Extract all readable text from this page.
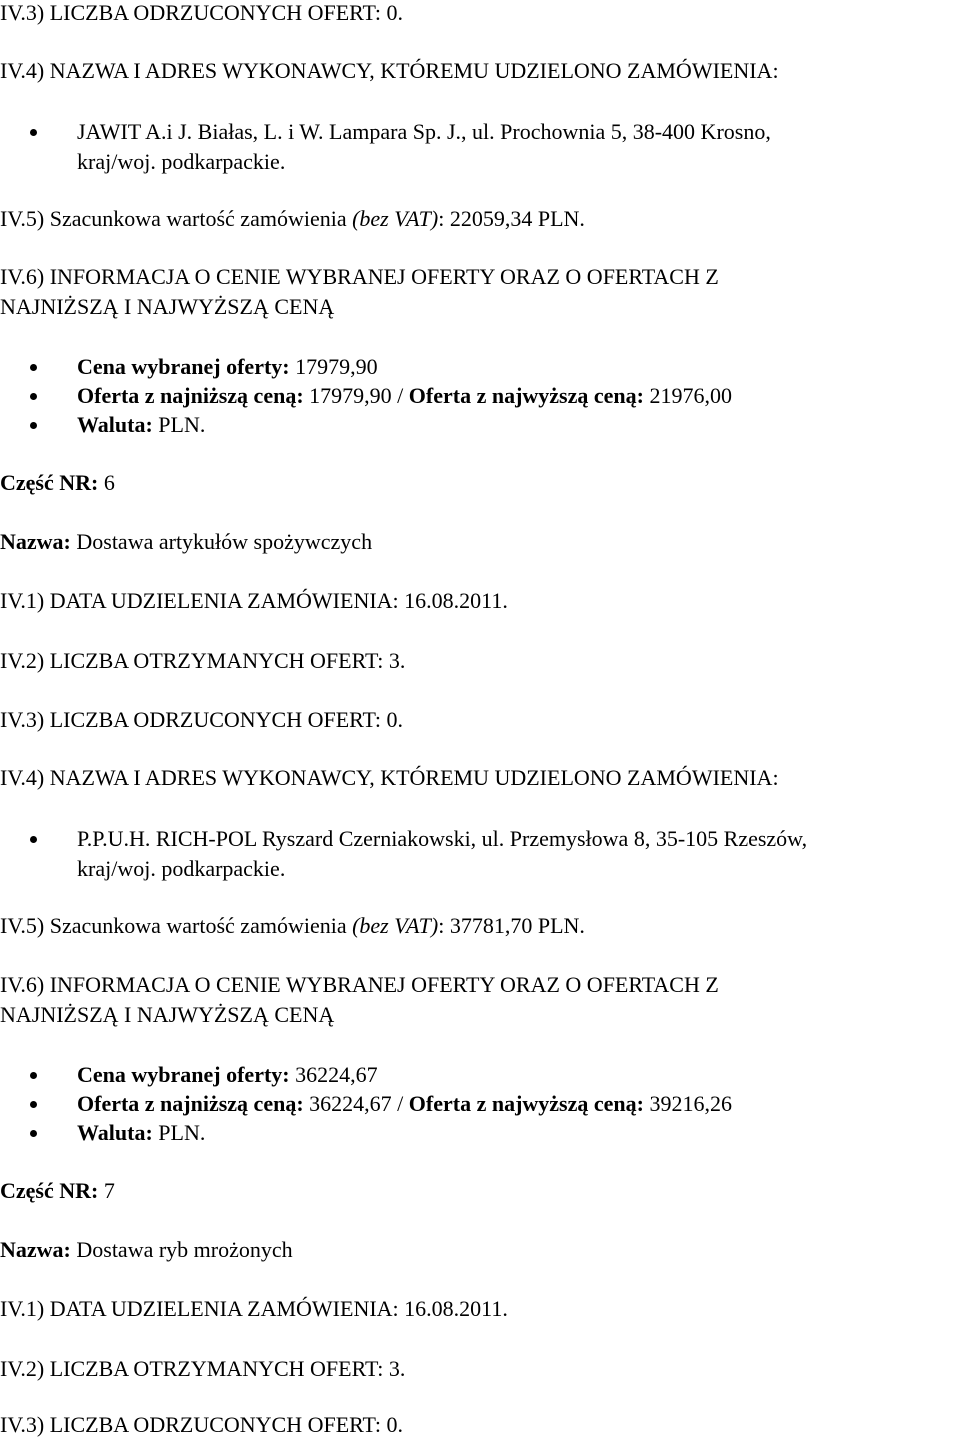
IV.3) LICZBA ODRZUCONYCH OFERT: 0.
IV.4) NAZWA I ADRES WYKONAWCY, KTÓREMU UDZIELONO ZAMÓWIENIA:
JAWIT A.i J. Białas, L. i W. Lampara Sp. J., ul. Prochownia 5, 38-400 Krosno,
kraj/woj. podkarpackie.
IV.5) Szacunkowa wartość zamówienia (bez VAT): 22059,34 PLN.
IV.6) INFORMACJA O CENIE WYBRANEJ OFERTY ORAZ O OFERTACH Z
NAJNIŻSZĄ I NAJWYŻSZĄ CENĄ
Cena wybranej oferty: 17979,90
Oferta z najniższą ceną: 17979,90 / Oferta z najwyższą ceną: 21976,00
Waluta: PLN.
Część NR: 6
Nazwa: Dostawa artykułów spożywczych
IV.1) DATA UDZIELENIA ZAMÓWIENIA: 16.08.2011.
IV.2) LICZBA OTRZYMANYCH OFERT: 3.
IV.3) LICZBA ODRZUCONYCH OFERT: 0.
IV.4) NAZWA I ADRES WYKONAWCY, KTÓREMU UDZIELONO ZAMÓWIENIA:
P.P.U.H. RICH-POL Ryszard Czerniakowski, ul. Przemysłowa 8, 35-105 Rzeszów,
kraj/woj. podkarpackie.
IV.5) Szacunkowa wartość zamówienia (bez VAT): 37781,70 PLN.
IV.6) INFORMACJA O CENIE WYBRANEJ OFERTY ORAZ O OFERTACH Z
NAJNIŻSZĄ I NAJWYŻSZĄ CENĄ
Cena wybranej oferty: 36224,67
Oferta z najniższą ceną: 36224,67 / Oferta z najwyższą ceną: 39216,26
Waluta: PLN.
Część NR: 7
Nazwa: Dostawa ryb mrożonych
IV.1) DATA UDZIELENIA ZAMÓWIENIA: 16.08.2011.
IV.2) LICZBA OTRZYMANYCH OFERT: 3.
IV.3) LICZBA ODRZUCONYCH OFERT: 0.
